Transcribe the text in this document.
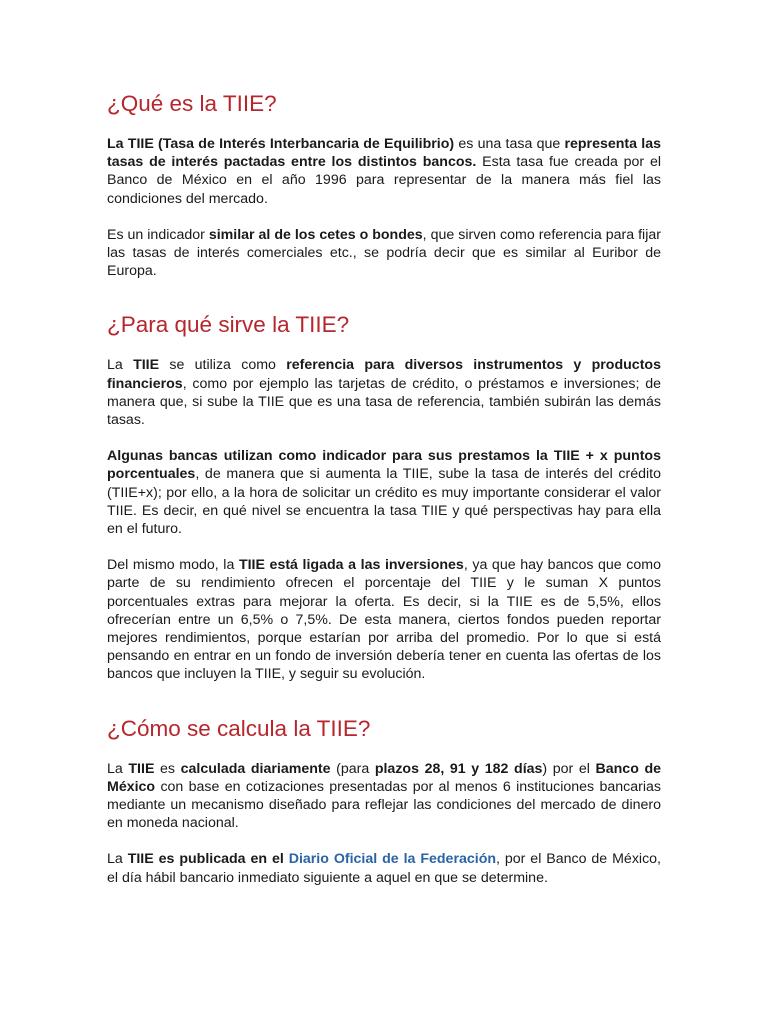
¿Qué es la TIIE?

La TIIE (Tasa de Interés Interbancaria de Equilibrio) es una tasa que representa las tasas de interés pactadas entre los distintos bancos. Esta tasa fue creada por el Banco de México en el año 1996 para representar de la manera más fiel las condiciones del mercado.

Es un indicador similar al de los cetes o bondes, que sirven como referencia para fijar las tasas de interés comerciales etc., se podría decir que es similar al Euribor de Europa.

¿Para qué sirve la TIIE?

La TIIE se utiliza como referencia para diversos instrumentos y productos financieros, como por ejemplo las tarjetas de crédito, o préstamos e inversiones; de manera que, si sube la TIIE que es una tasa de referencia, también subirán las demás tasas.

Algunas bancas utilizan como indicador para sus prestamos la TIIE + x puntos porcentuales, de manera que si aumenta la TIIE, sube la tasa de interés del crédito (TIIE+x); por ello, a la hora de solicitar un crédito es muy importante considerar el valor TIIE. Es decir, en qué nivel se encuentra la tasa TIIE y qué perspectivas hay para ella en el futuro.

Del mismo modo, la TIIE está ligada a las inversiones, ya que hay bancos que como parte de su rendimiento ofrecen el porcentaje del TIIE y le suman X puntos porcentuales extras para mejorar la oferta. Es decir, si la TIIE es de 5,5%, ellos ofrecerían entre un 6,5% o 7,5%. De esta manera, ciertos fondos pueden reportar mejores rendimientos, porque estarían por arriba del promedio. Por lo que si está pensando en entrar en un fondo de inversión debería tener en cuenta las ofertas de los bancos que incluyen la TIIE, y seguir su evolución.

¿Cómo se calcula la TIIE?

La TIIE es calculada diariamente (para plazos 28, 91 y 182 días) por el Banco de México con base en cotizaciones presentadas por al menos 6 instituciones bancarias mediante un mecanismo diseñado para reflejar las condiciones del mercado de dinero en moneda nacional.

La TIIE es publicada en el Diario Oficial de la Federación, por el Banco de México, el día hábil bancario inmediato siguiente a aquel en que se determine.
